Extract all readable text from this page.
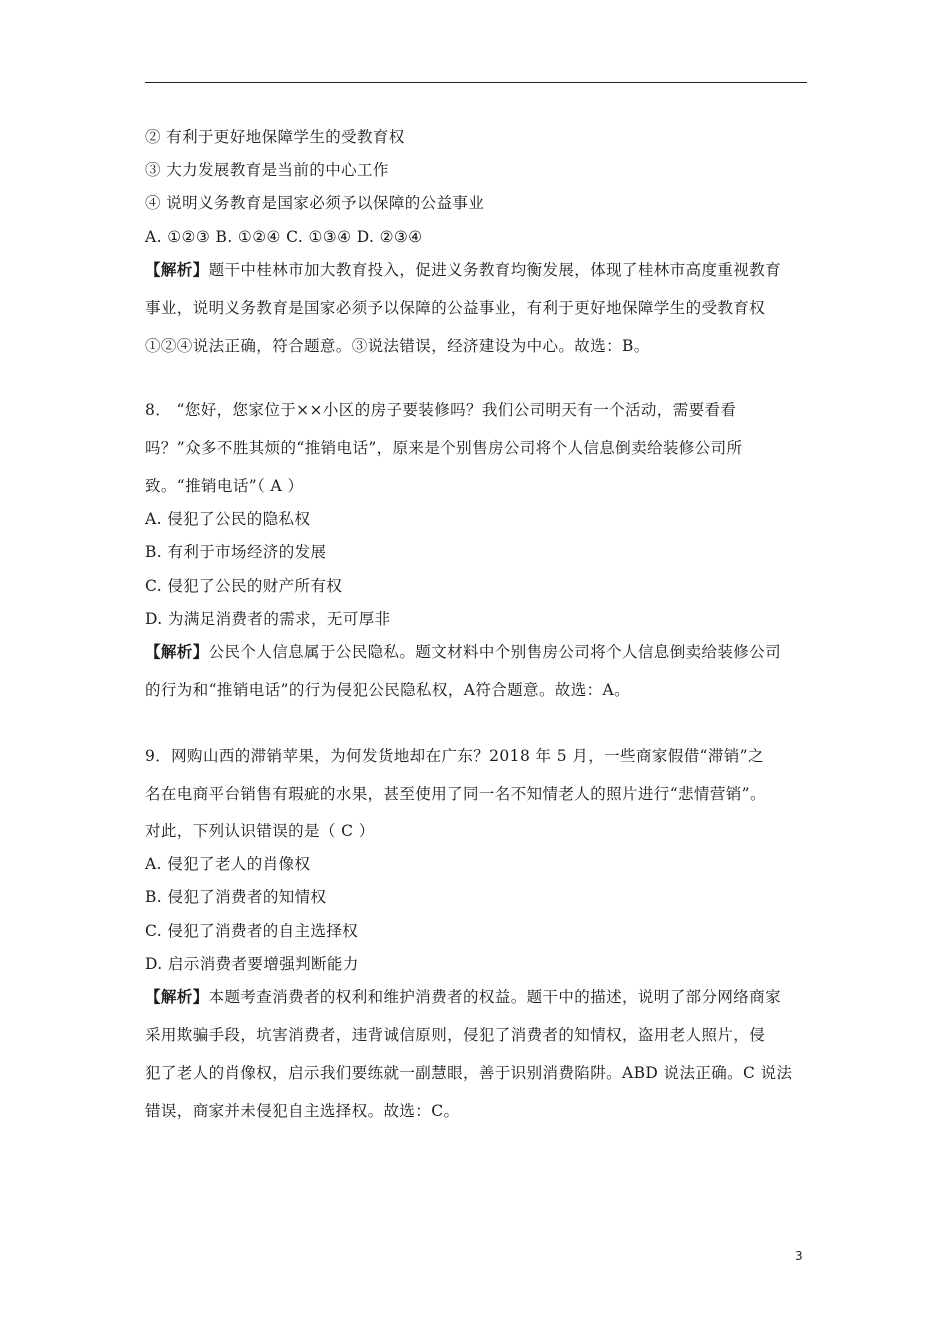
② 有利于更好地保障学生的受教育权
③ 大力发展教育是当前的中心工作
④ 说明义务教育是国家必须予以保障的公益事业
A. ①②③ B. ①②④ C. ①③④ D. ②③④
【解析】题干中桂林市加大教育投入，促进义务教育均衡发展，体现了桂林市高度重视教育
事业，说明义务教育是国家必须予以保障的公益事业，有利于更好地保障学生的受教育权
①②④说法正确，符合题意。③说法错误，经济建设为中心。故选：B。
8． “您好，您家位于××小区的房子要装修吗？我们公司明天有一个活动，需要看看
吗？”众多不胜其烦的“推销电话”，原来是个别售房公司将个人信息倒卖给装修公司所
致。“推销电话”（ A ）
A. 侵犯了公民的隐私权
B. 有利于市场经济的发展
C. 侵犯了公民的财产所有权
D. 为满足消费者的需求，无可厚非
【解析】公民个人信息属于公民隐私。题文材料中个别售房公司将个人信息倒卖给装修公司
的行为和“推销电话”的行为侵犯公民隐私权，A符合题意。故选：A。
9．网购山西的滞销苹果，为何发货地却在广东？2018 年 5 月，一些商家假借“滞销”之
名在电商平台销售有瑕疵的水果，甚至使用了同一名不知情老人的照片进行“悲情营销”。
对此，下列认识错误的是（ C ）
A. 侵犯了老人的肖像权
B. 侵犯了消费者的知情权
C. 侵犯了消费者的自主选择权
D. 启示消费者要增强判断能力
【解析】本题考查消费者的权利和维护消费者的权益。题干中的描述，说明了部分网络商家
采用欺骗手段，坑害消费者，违背诚信原则，侵犯了消费者的知情权，盗用老人照片，侵
犯了老人的肖像权，启示我们要练就一副慧眼，善于识别消费陷阱。ABD 说法正确。C 说法
错误，商家并未侵犯自主选择权。故选：C。
3
